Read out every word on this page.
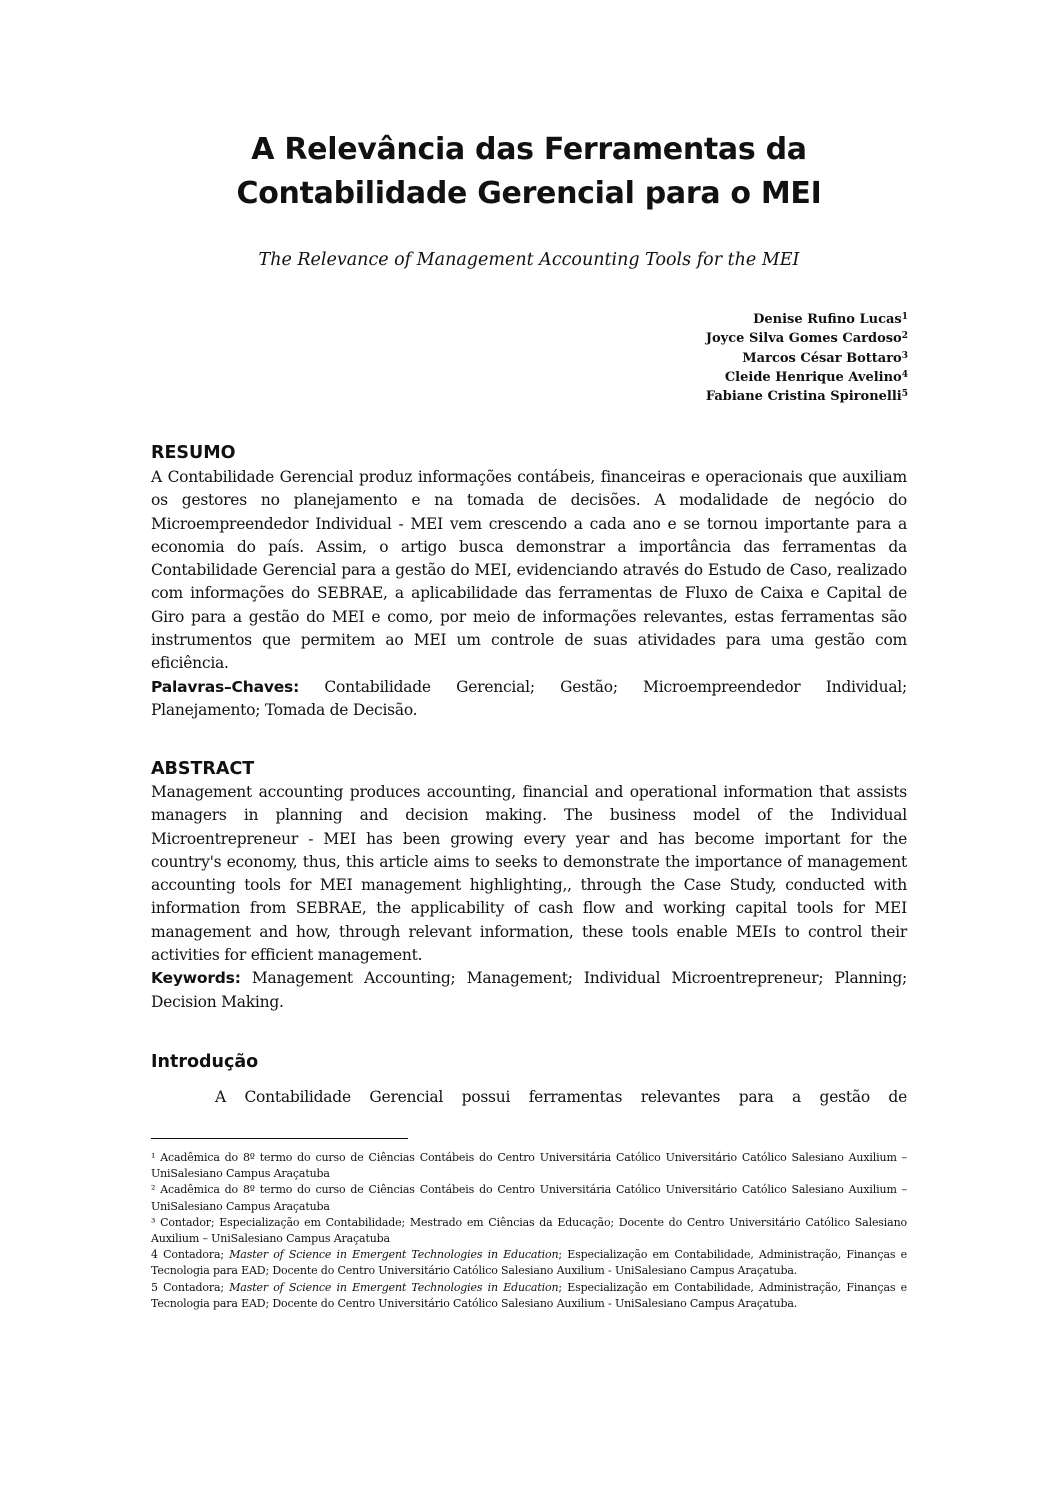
A Relevância das Ferramentas da
Contabilidade Gerencial para o MEI
The Relevance of Management Accounting Tools for the MEI
Denise Rufino Lucas$^1$
Joyce Silva Gomes Cardoso$^2$
Marcos César Bottaro$^3$
Cleide Henrique Avelino$^4$
Fabiane Cristina Spironelli$^5$
RESUMO
A Contabilidade Gerencial produz informações contábeis, financeiras e operacionais que auxiliam os gestores no planejamento e na tomada de decisões. A modalidade de negócio do Microempreendedor Individual - MEI vem crescendo a cada ano e se tornou importante para a economia do país. Assim, o artigo busca demonstrar a importância das ferramentas da Contabilidade Gerencial para a gestão do MEI, evidenciando através do Estudo de Caso, realizado com informações do SEBRAE, a aplicabilidade das ferramentas de Fluxo de Caixa e Capital de Giro para a gestão do MEI e como, por meio de informações relevantes, estas ferramentas são instrumentos que permitem ao MEI um controle de suas atividades para uma gestão com eficiência.
Palavras–Chaves: Contabilidade Gerencial; Gestão; Microempreendedor Individual; Planejamento; Tomada de Decisão.
ABSTRACT
Management accounting produces accounting, financial and operational information that assists managers in planning and decision making. The business model of the Individual Microentrepreneur - MEI has been growing every year and has become important for the country's economy, thus, this article aims to seeks to demonstrate the importance of management accounting tools for MEI management highlighting,, through the Case Study, conducted with information from SEBRAE, the applicability of cash flow and working capital tools for MEI management and how, through relevant information, these tools enable MEIs to control their activities for efficient management.
Keywords: Management Accounting; Management; Individual Microentrepreneur; Planning; Decision Making.
Introdução
A Contabilidade Gerencial possui ferramentas relevantes para a gestão de

¹ Acadêmica do 8º termo do curso de Ciências Contábeis do Centro Universitária Católico Universitário Católico Salesiano Auxilium – UniSalesiano Campus Araçatuba

² Acadêmica do 8º termo do curso de Ciências Contábeis do Centro Universitária Católico Universitário Católico Salesiano Auxilium – UniSalesiano Campus Araçatuba

³ Contador; Especialização em Contabilidade; Mestrado em Ciências da Educação; Docente do Centro Universitário Católico Salesiano Auxilium – UniSalesiano Campus Araçatuba

4 Contadora; Master of Science in Emergent Technologies in Education; Especialização em Contabilidade, Administração, Finanças e Tecnologia para EAD; Docente do Centro Universitário Católico Salesiano Auxilium - UniSalesiano Campus Araçatuba.

5 Contadora; Master of Science in Emergent Technologies in Education; Especialização em Contabilidade, Administração, Finanças e Tecnologia para EAD; Docente do Centro Universitário Católico Salesiano Auxilium - UniSalesiano Campus Araçatuba.
